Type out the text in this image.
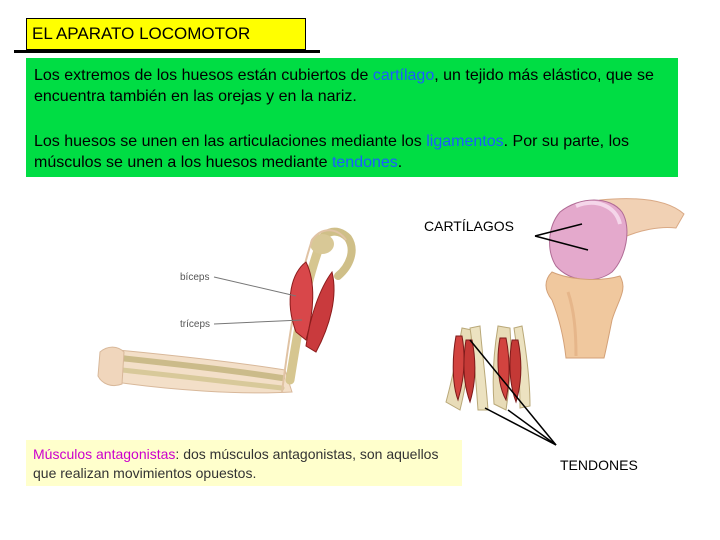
EL APARATO LOCOMOTOR
Los extremos de los huesos están cubiertos de cartílago, un tejido más elástico, que se encuentra también en las orejas y en la nariz.
Los huesos se unen en las articulaciones mediante los ligamentos. Por su parte, los músculos se unen a los huesos mediante tendones.
bíceps
tríceps
CARTÍLAGOS
TENDONES
Músculos antagonistas: dos músculos antagonistas, son aquellos que realizan movimientos opuestos.
